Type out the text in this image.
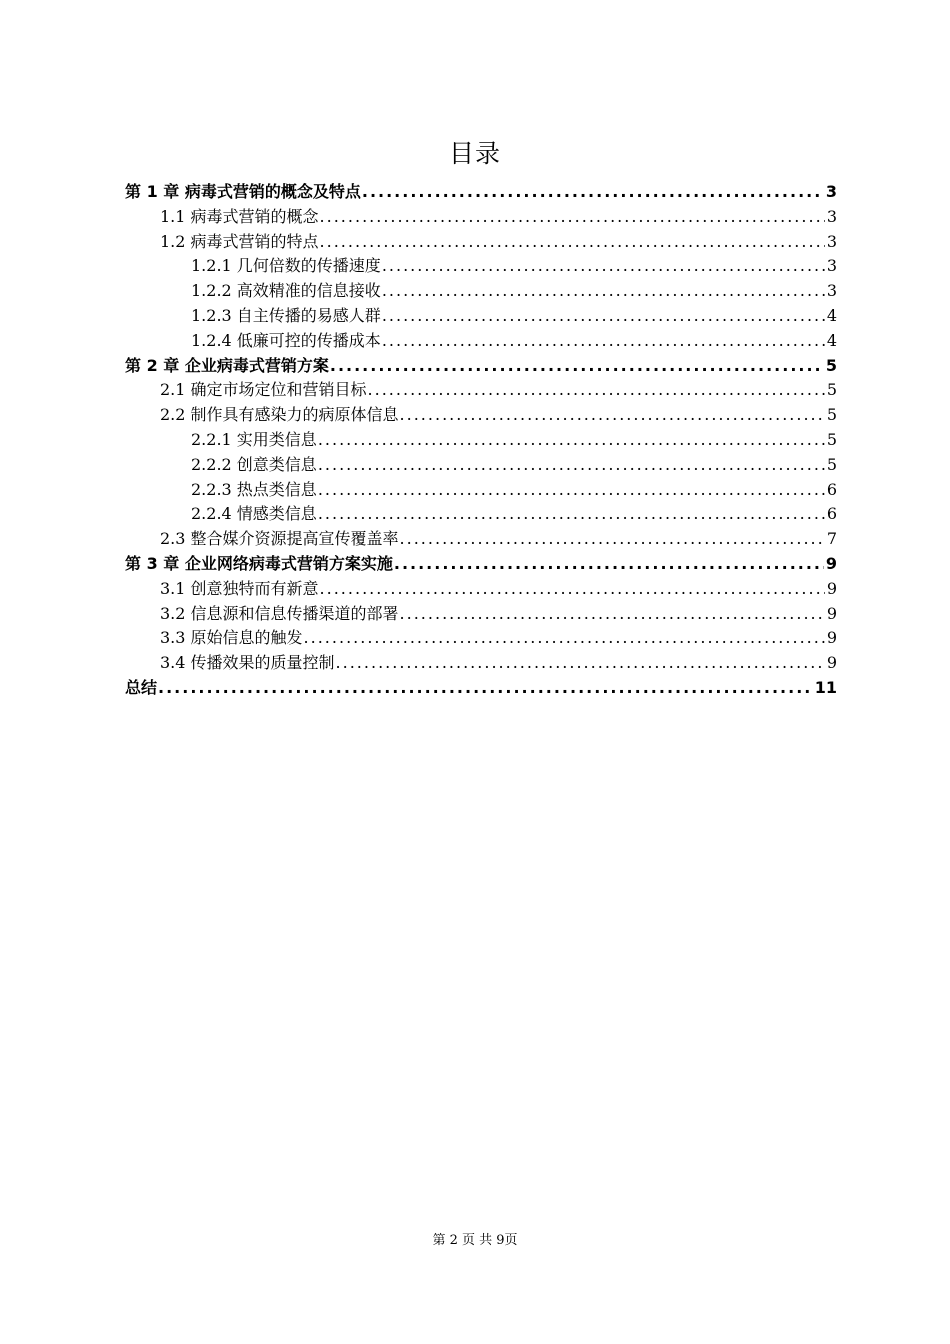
目录
第 1 章 病毒式营销的概念及特点 .....	3
1.1 病毒式营销的概念 .....	3
1.2 病毒式营销的特点 .....	3
1.2.1 几何倍数的传播速度 .....	3
1.2.2 高效精准的信息接收 .....	3
1.2.3 自主传播的易感人群 .....	4
1.2.4 低廉可控的传播成本 .....	4
第 2 章 企业病毒式营销方案 .....	5
2.1 确定市场定位和营销目标 .....	5
2.2 制作具有感染力的病原体信息 .....	5
2.2.1 实用类信息 .....	5
2.2.2 创意类信息 .....	5
2.2.3 热点类信息 .....	6
2.2.4 情感类信息 .....	6
2.3 整合媒介资源提高宣传覆盖率 .....	7
第 3 章 企业网络病毒式营销方案实施 .....	9
3.1 创意独特而有新意 .....	9
3.2 信息源和信息传播渠道的部署 .....	9
3.3 原始信息的触发 .....	9
3.4 传播效果的质量控制 .....	9
总结 .....	11
第 2 页 共 9页
